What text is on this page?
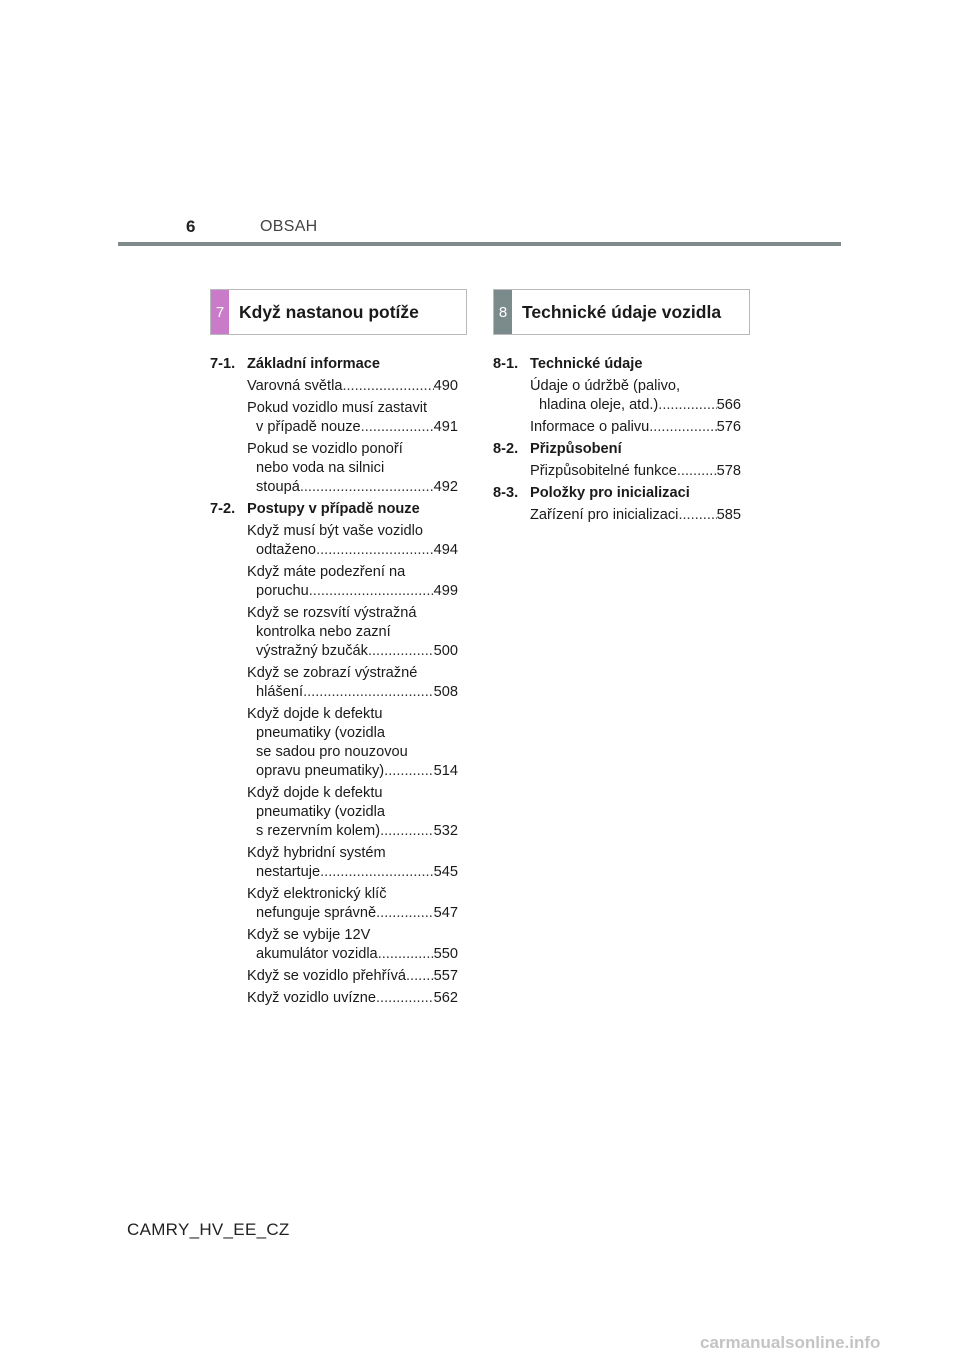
6	OBSAH
7 Když nastanou potíže	8 Technické údaje vozidla
7-1. Základní informace
Varovná světla .....	490
Pokud vozidlo musí zastavit
v případě nouze .....	491
Pokud se vozidlo ponoří
nebo voda na silnici
stoupá .....	492
7-2. Postupy v případě nouze
Když musí být vaše vozidlo
odtaženo .....	494
Když máte podezření na
poruchu .....	499
Když se rozsvítí výstražná
kontrolka nebo zazní
výstražný bzučák .....	500
Když se zobrazí výstražné
hlášení .....	508
Když dojde k defektu
pneumatiky (vozidla
se sadou pro nouzovou
opravu pneumatiky) .....	514
Když dojde k defektu
pneumatiky (vozidla
s rezervním kolem) .....	532
Když hybridní systém
nestartuje .....	545
Když elektronický klíč
nefunguje správně .....	547
Když se vybije 12V
akumulátor vozidla .....	550
Když se vozidlo přehřívá ..... 557
Když vozidlo uvízne .....	562
8-1. Technické údaje
Údaje o údržbě (palivo,
hladina oleje, atd.) .....	566
Informace o palivu .....	576
8-2. Přizpůsobení
Přizpůsobitelné funkce .....	578
8-3. Položky pro inicializaci
Zařízení pro inicializaci .....	585
CAMRY_HV_EE_CZ
carmanualsonline.info
